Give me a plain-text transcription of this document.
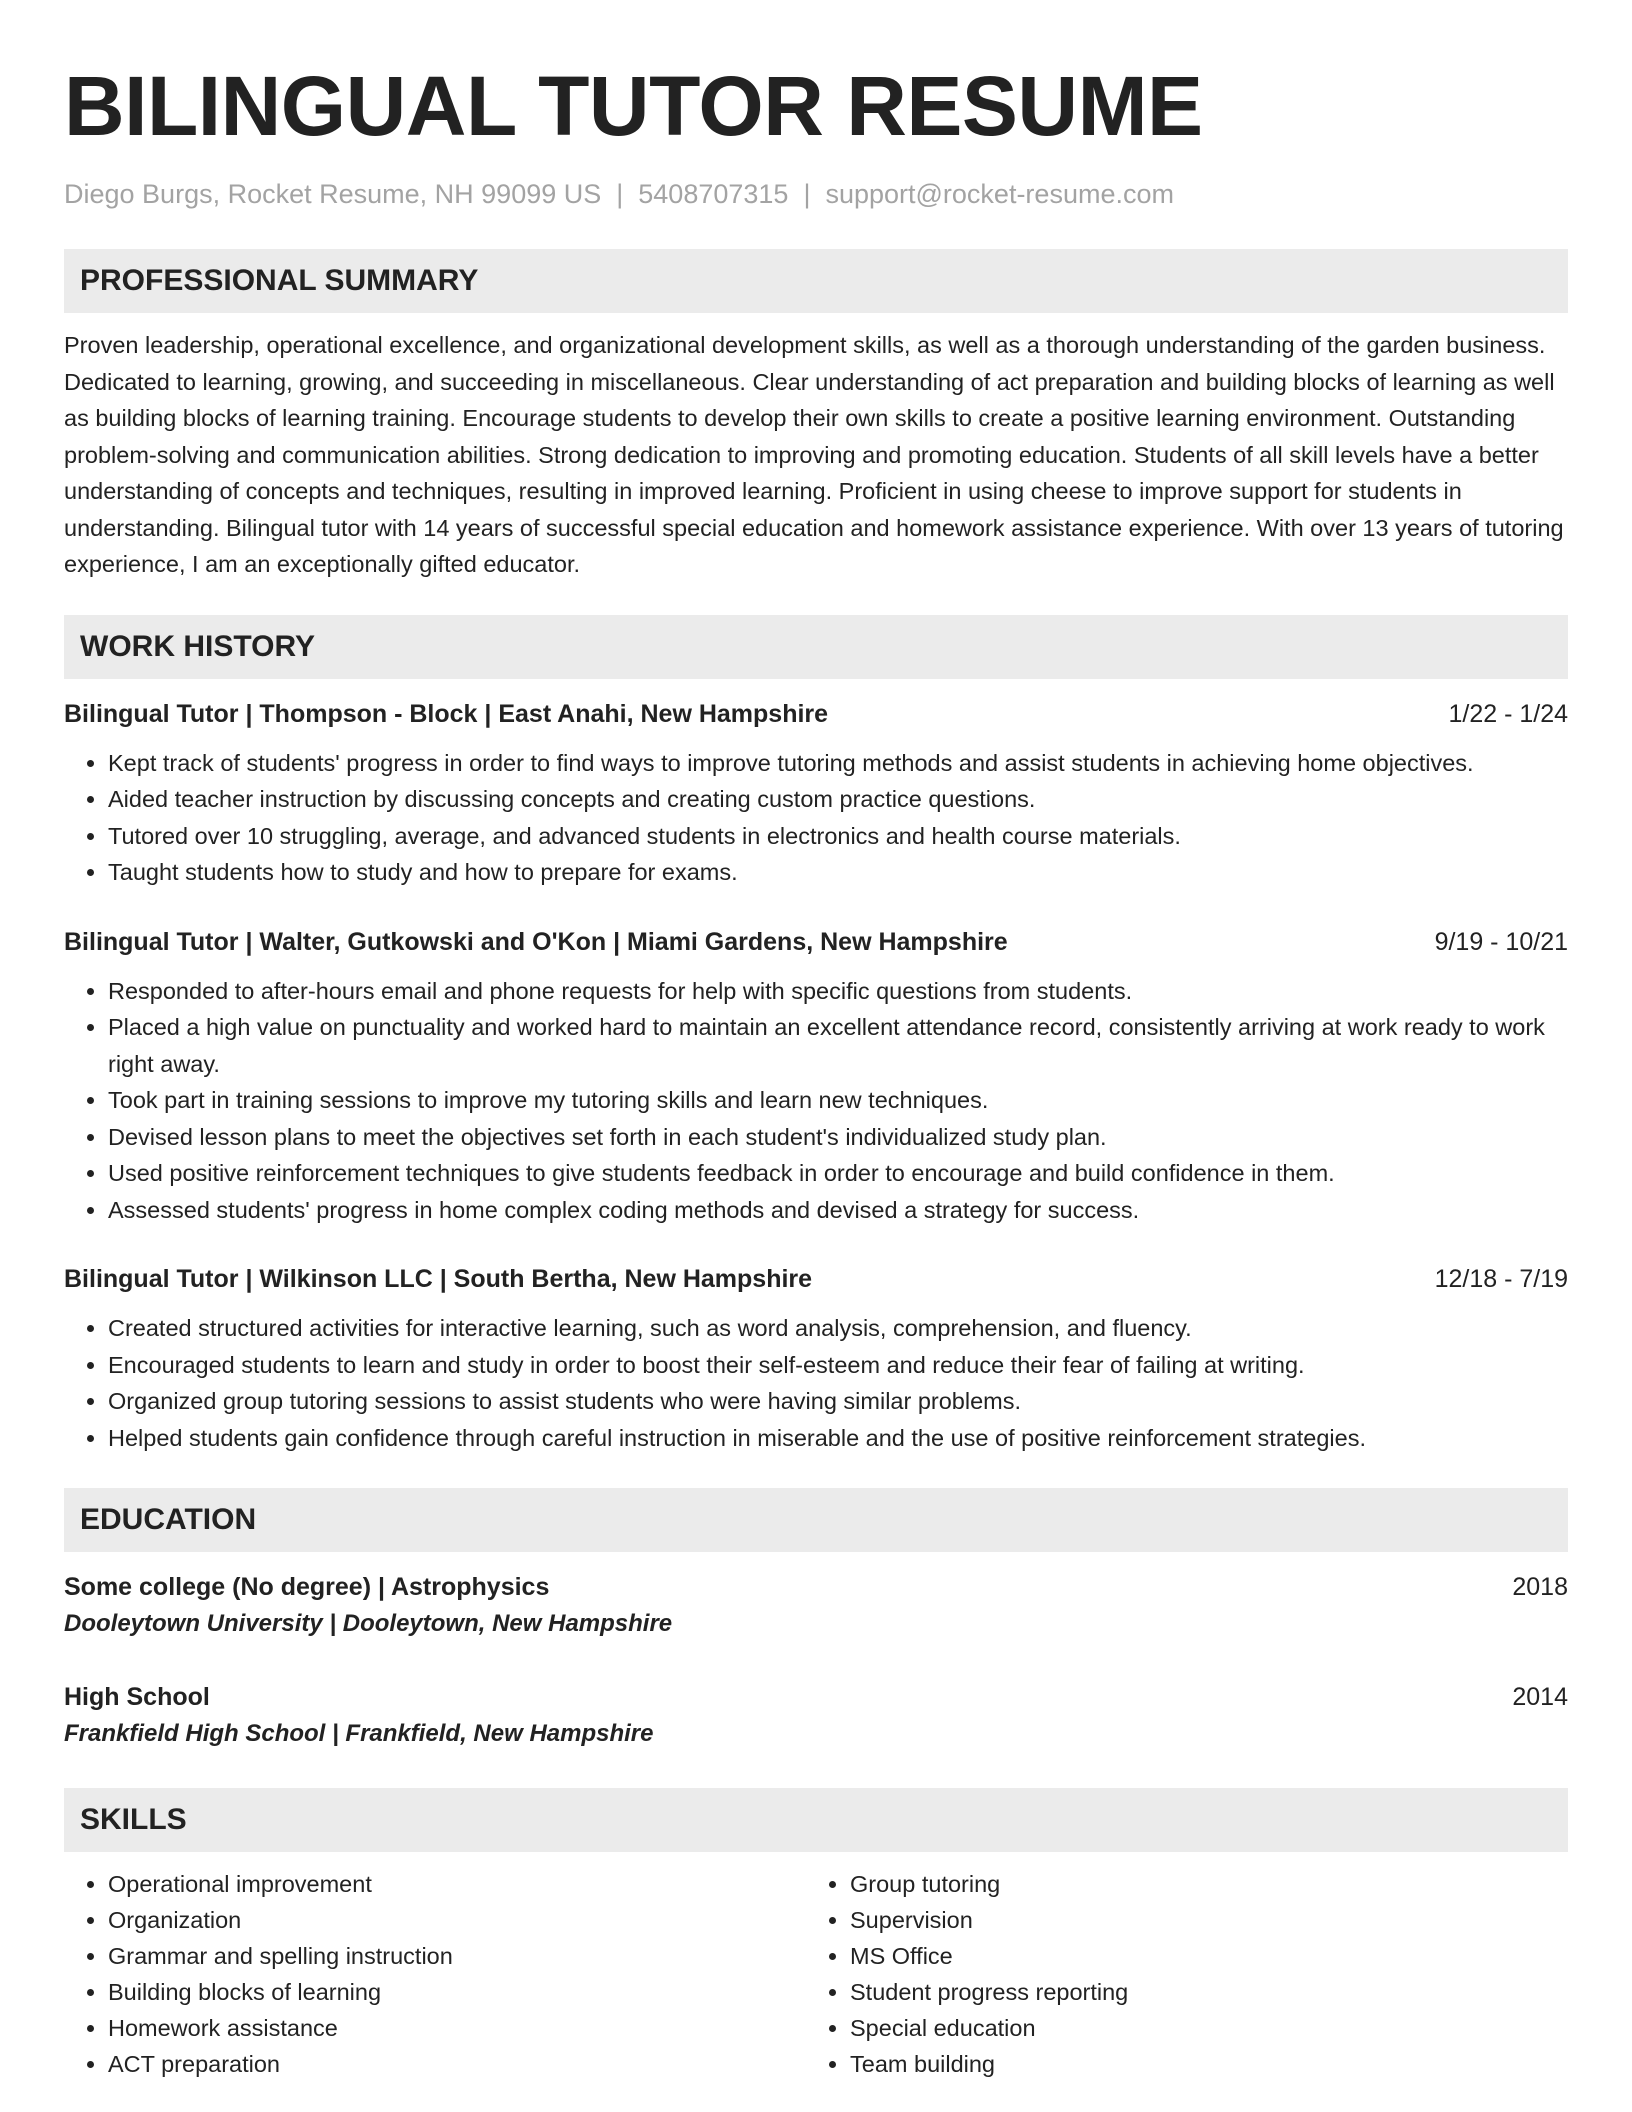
BILINGUAL TUTOR RESUME
Diego Burgs, Rocket Resume, NH 99099 US | 5408707315 | support@rocket-resume.com
PROFESSIONAL SUMMARY
Proven leadership, operational excellence, and organizational development skills, as well as a thorough understanding of the garden business. Dedicated to learning, growing, and succeeding in miscellaneous. Clear understanding of act preparation and building blocks of learning as well as building blocks of learning training. Encourage students to develop their own skills to create a positive learning environment. Outstanding problem-solving and communication abilities. Strong dedication to improving and promoting education. Students of all skill levels have a better understanding of concepts and techniques, resulting in improved learning. Proficient in using cheese to improve support for students in understanding. Bilingual tutor with 14 years of successful special education and homework assistance experience. With over 13 years of tutoring experience, I am an exceptionally gifted educator.
WORK HISTORY
Bilingual Tutor | Thompson - Block | East Anahi, New Hampshire	1/22 - 1/24
• Kept track of students' progress in order to find ways to improve tutoring methods and assist students in achieving home objectives.
• Aided teacher instruction by discussing concepts and creating custom practice questions.
• Tutored over 10 struggling, average, and advanced students in electronics and health course materials.
• Taught students how to study and how to prepare for exams.
Bilingual Tutor | Walter, Gutkowski and O'Kon | Miami Gardens, New Hampshire	9/19 - 10/21
• Responded to after-hours email and phone requests for help with specific questions from students.
• Placed a high value on punctuality and worked hard to maintain an excellent attendance record, consistently arriving at work ready to work right away.
• Took part in training sessions to improve my tutoring skills and learn new techniques.
• Devised lesson plans to meet the objectives set forth in each student's individualized study plan.
• Used positive reinforcement techniques to give students feedback in order to encourage and build confidence in them.
• Assessed students' progress in home complex coding methods and devised a strategy for success.
Bilingual Tutor | Wilkinson LLC | South Bertha, New Hampshire	12/18 - 7/19
• Created structured activities for interactive learning, such as word analysis, comprehension, and fluency.
• Encouraged students to learn and study in order to boost their self-esteem and reduce their fear of failing at writing.
• Organized group tutoring sessions to assist students who were having similar problems.
• Helped students gain confidence through careful instruction in miserable and the use of positive reinforcement strategies.
EDUCATION
Some college (No degree) | Astrophysics	2018
Dooleytown University | Dooleytown, New Hampshire
High School	2014
Frankfield High School | Frankfield, New Hampshire
SKILLS
• Operational improvement
• Organization
• Grammar and spelling instruction
• Building blocks of learning
• Homework assistance
• ACT preparation
• Group tutoring
• Supervision
• MS Office
• Student progress reporting
• Special education
• Team building
